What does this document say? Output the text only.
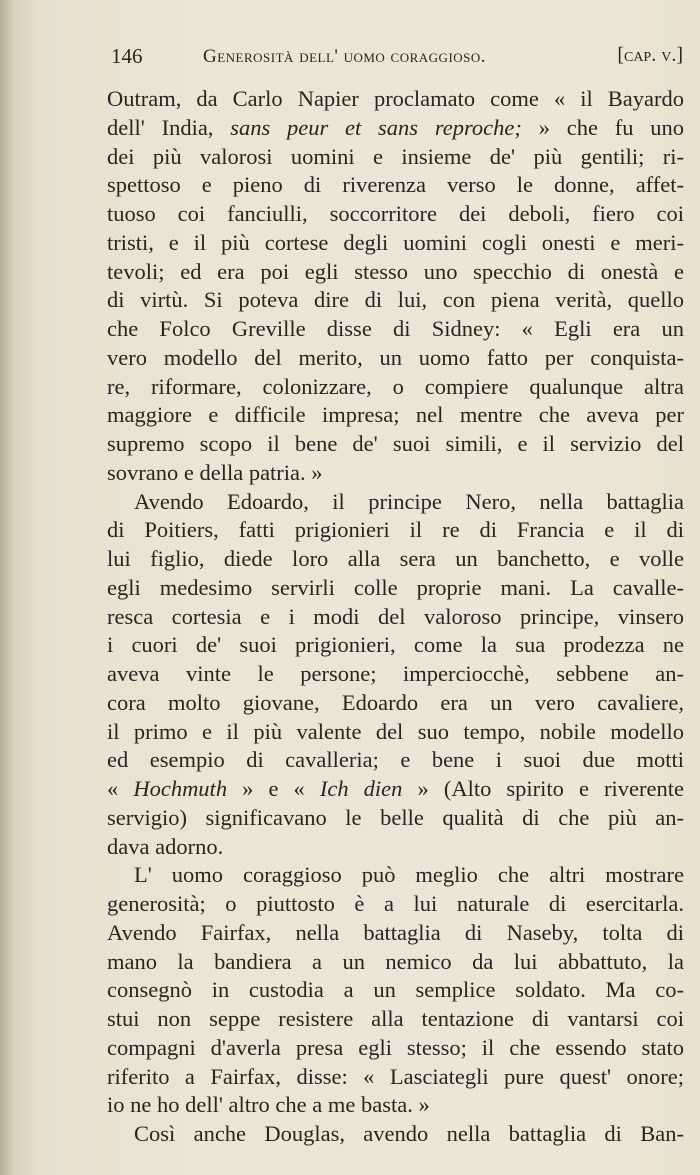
146	Generosità dell' uomo coraggioso.	[cap. v.]
Outram, da Carlo Napier proclamato come « il Bayardo
dell' India, sans peur et sans reproche; » che fu uno
dei più valorosi uomini e insieme de' più gentili; ri-
spettoso e pieno di riverenza verso le donne, affet-
tuoso coi fanciulli, soccorritore dei deboli, fiero coi
tristi, e il più cortese degli uomini cogli onesti e meri-
tevoli; ed era poi egli stesso uno specchio di onestà e
di virtù. Si poteva dire di lui, con piena verità, quello
che Folco Greville disse di Sidney: « Egli era un
vero modello del merito, un uomo fatto per conquista-
re, riformare, colonizzare, o compiere qualunque altra
maggiore e difficile impresa; nel mentre che aveva per
supremo scopo il bene de' suoi simili, e il servizio del
sovrano e della patria. »
Avendo Edoardo, il principe Nero, nella battaglia
di Poitiers, fatti prigionieri il re di Francia e il di
lui figlio, diede loro alla sera un banchetto, e volle
egli medesimo servirli colle proprie mani. La cavalle-
resca cortesia e i modi del valoroso principe, vinsero
i cuori de' suoi prigionieri, come la sua prodezza ne
aveva vinte le persone; imperciocchè, sebbene an-
cora molto giovane, Edoardo era un vero cavaliere,
il primo e il più valente del suo tempo, nobile modello
ed esempio di cavalleria; e bene i suoi due motti
« Hochmuth » e « Ich dien » (Alto spirito e riverente
servigio) significavano le belle qualità di che più an-
dava adorno.
L' uomo coraggioso può meglio che altri mostrare
generosità; o piuttosto è a lui naturale di esercitarla.
Avendo Fairfax, nella battaglia di Naseby, tolta di
mano la bandiera a un nemico da lui abbattuto, la
consegnò in custodia a un semplice soldato. Ma co-
stui non seppe resistere alla tentazione di vantarsi coi
compagni d'averla presa egli stesso; il che essendo stato
riferito a Fairfax, disse: « Lasciategli pure quest' onore;
io ne ho dell' altro che a me basta. »
Così anche Douglas, avendo nella battaglia di Ban-
